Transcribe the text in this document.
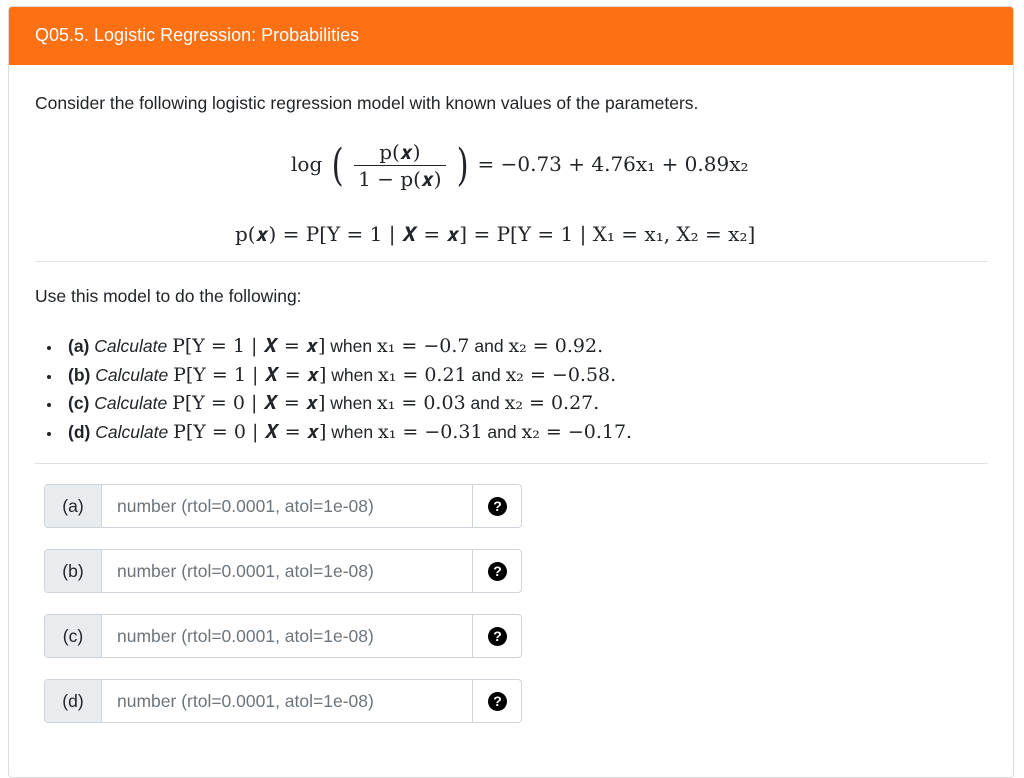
Q05.5. Logistic Regression: Probabilities
Consider the following logistic regression model with known values of the parameters.
log ( $\frac{\text{p(𝒙)}}{\text{1 − p(𝒙)}}$ ) = −0.73 + 4.76x₁ + 0.89x₂
p(𝒙) = P[Y = 1 | 𝑿 = 𝒙] = P[Y = 1 | X₁ = x₁, X₂ = x₂]
Use this model to do the following:
• (a) Calculate P[Y = 1 | 𝑿 = 𝒙] when x₁ = −0.7 and x₂ = 0.92.
• (b) Calculate P[Y = 1 | 𝑿 = 𝒙] when x₁ = 0.21 and x₂ = −0.58.
• (c) Calculate P[Y = 0 | 𝑿 = 𝒙] when x₁ = 0.03 and x₂ = 0.27.
• (d) Calculate P[Y = 0 | 𝑿 = 𝒙] when x₁ = −0.31 and x₂ = −0.17.
(a)
number (rtol=0.0001, atol=1e-08)	?
(b)
number (rtol=0.0001, atol=1e-08)	?
(c)
number (rtol=0.0001, atol=1e-08)	?
(d)
number (rtol=0.0001, atol=1e-08)	?
